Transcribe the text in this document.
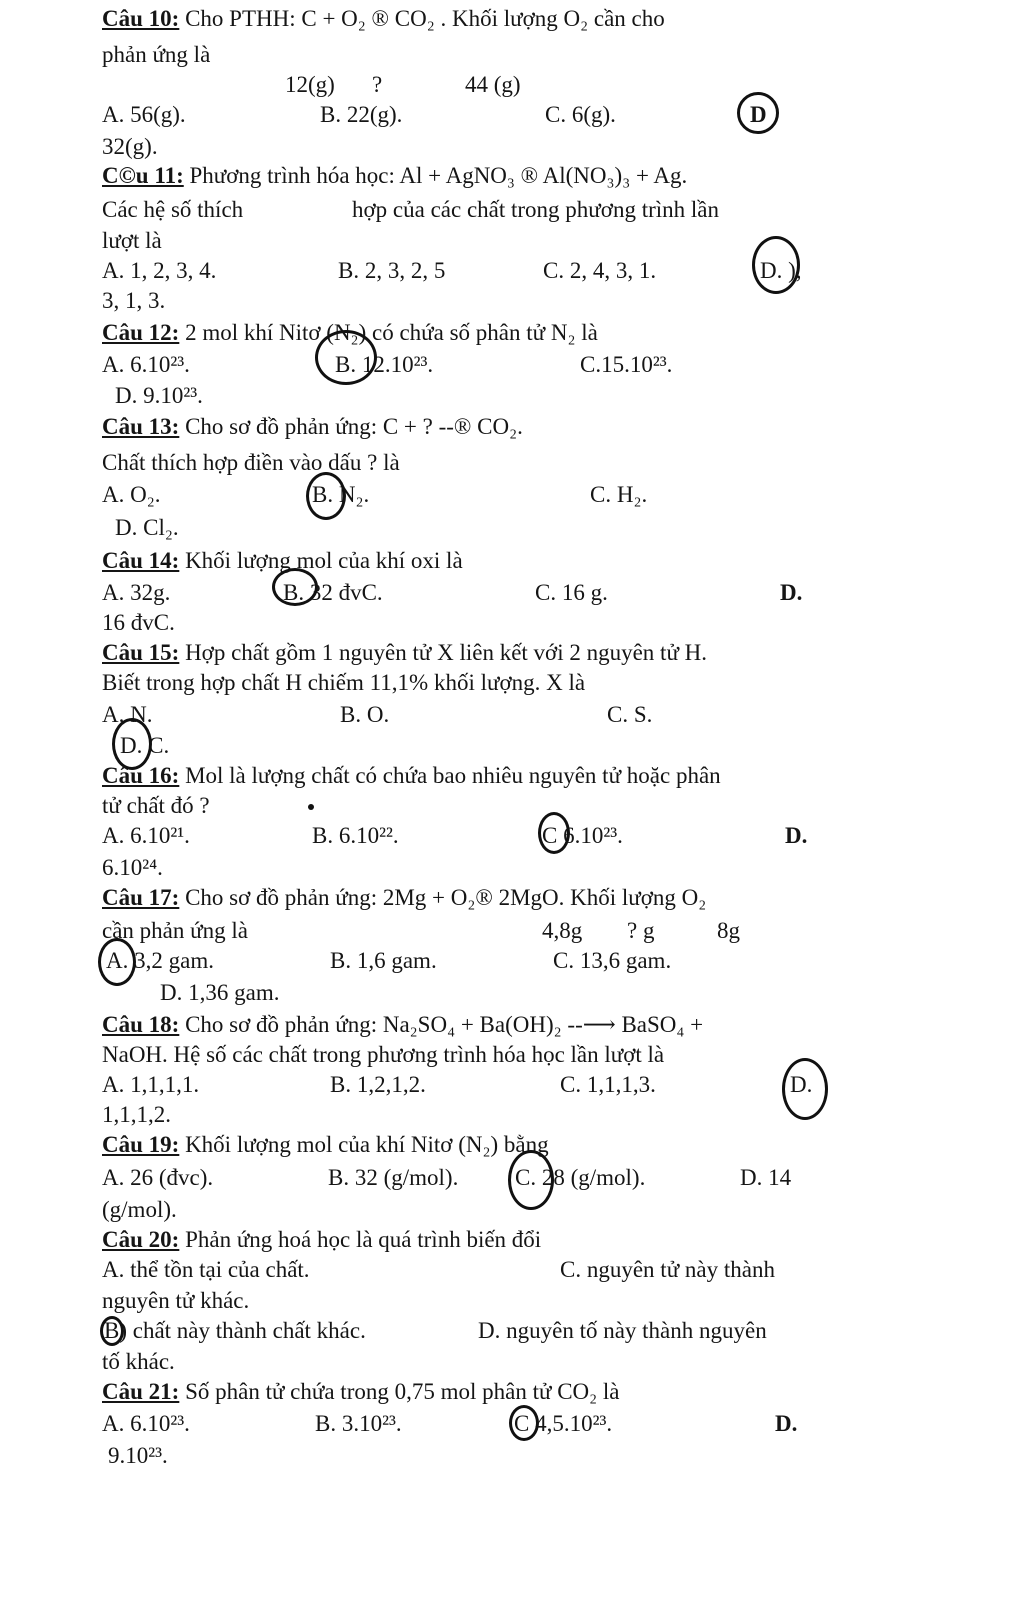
Câu 10: Cho PTHH: C + O₂ ® CO₂ . Khối lượng O₂ cần cho
phản ứng là
12(g) ?	44 (g)
A. 56(g).	B. 22(g).	C. 6(g).	D
32(g).
C©u 11: Phương trình hóa học: Al + AgNO₃ ® Al(NO₃)₃ + Ag.
Các hệ số thích	hợp của các chất trong phương trình lần
lượt là
A. 1, 2, 3, 4.	B. 2, 3, 2, 5	C. 2, 4, 3, 1.	D. ),
3, 1, 3.
Câu 12: 2 mol khí Nitơ (N₂) có chứa số phân tử N₂ là
A. 6.10²³.	B. 12.10²³.	C.15.10²³.
D. 9.10²³.
Câu 13: Cho sơ đồ phản ứng: C + ? --® CO₂.
Chất thích hợp điền vào dấu ? là
A. O₂.	B. N₂.	C. H₂.
D. Cl₂.
Câu 14: Khối lượng mol của khí oxi là
A. 32g.	B. 32 đvC.	C. 16 g.	D.
16 đvC.
Câu 15: Hợp chất gồm 1 nguyên tử X liên kết với 2 nguyên tử H.
Biết trong hợp chất H chiếm 11,1% khối lượng. X là
A. N.	B. O.	C. S.
D. C.
Câu 16: Mol là lượng chất có chứa bao nhiêu nguyên tử hoặc phân
tử chất đó ?
A. 6.10²¹.	B. 6.10²².	C 6.10²³.	D.
6.10²⁴.
Câu 17: Cho sơ đồ phản ứng: 2Mg + O₂® 2MgO. Khối lượng O₂
cần phản ứng là	4,8g ? g	8g
A. 3,2 gam.	B. 1,6 gam.	C. 13,6 gam.
D. 1,36 gam.
Câu 18: Cho sơ đồ phản ứng: Na₂SO₄ + Ba(OH)₂ --⟶ BaSO₄ +
NaOH. Hệ số các chất trong phương trình hóa học lần lượt là
A. 1,1,1,1.	B. 1,2,1,2.	C. 1,1,1,3.	D.
1,1,1,2.
Câu 19: Khối lượng mol của khí Nitơ (N₂) bằng
A. 26 (đvc).	B. 32 (g/mol). C. 28 (g/mol).	D. 14
(g/mol).
Câu 20: Phản ứng hoá học là quá trình biến đổi
A. thể tồn tại của chất.	C. nguyên tử này thành
nguyên tử khác.
B) chất này thành chất khác.	D. nguyên tố này thành nguyên
tố khác.
Câu 21: Số phân tử chứa trong 0,75 mol phân tử CO₂ là
A. 6.10²³.	B. 3.10²³.	C 4,5.10²³.	D.
9.10²³.
